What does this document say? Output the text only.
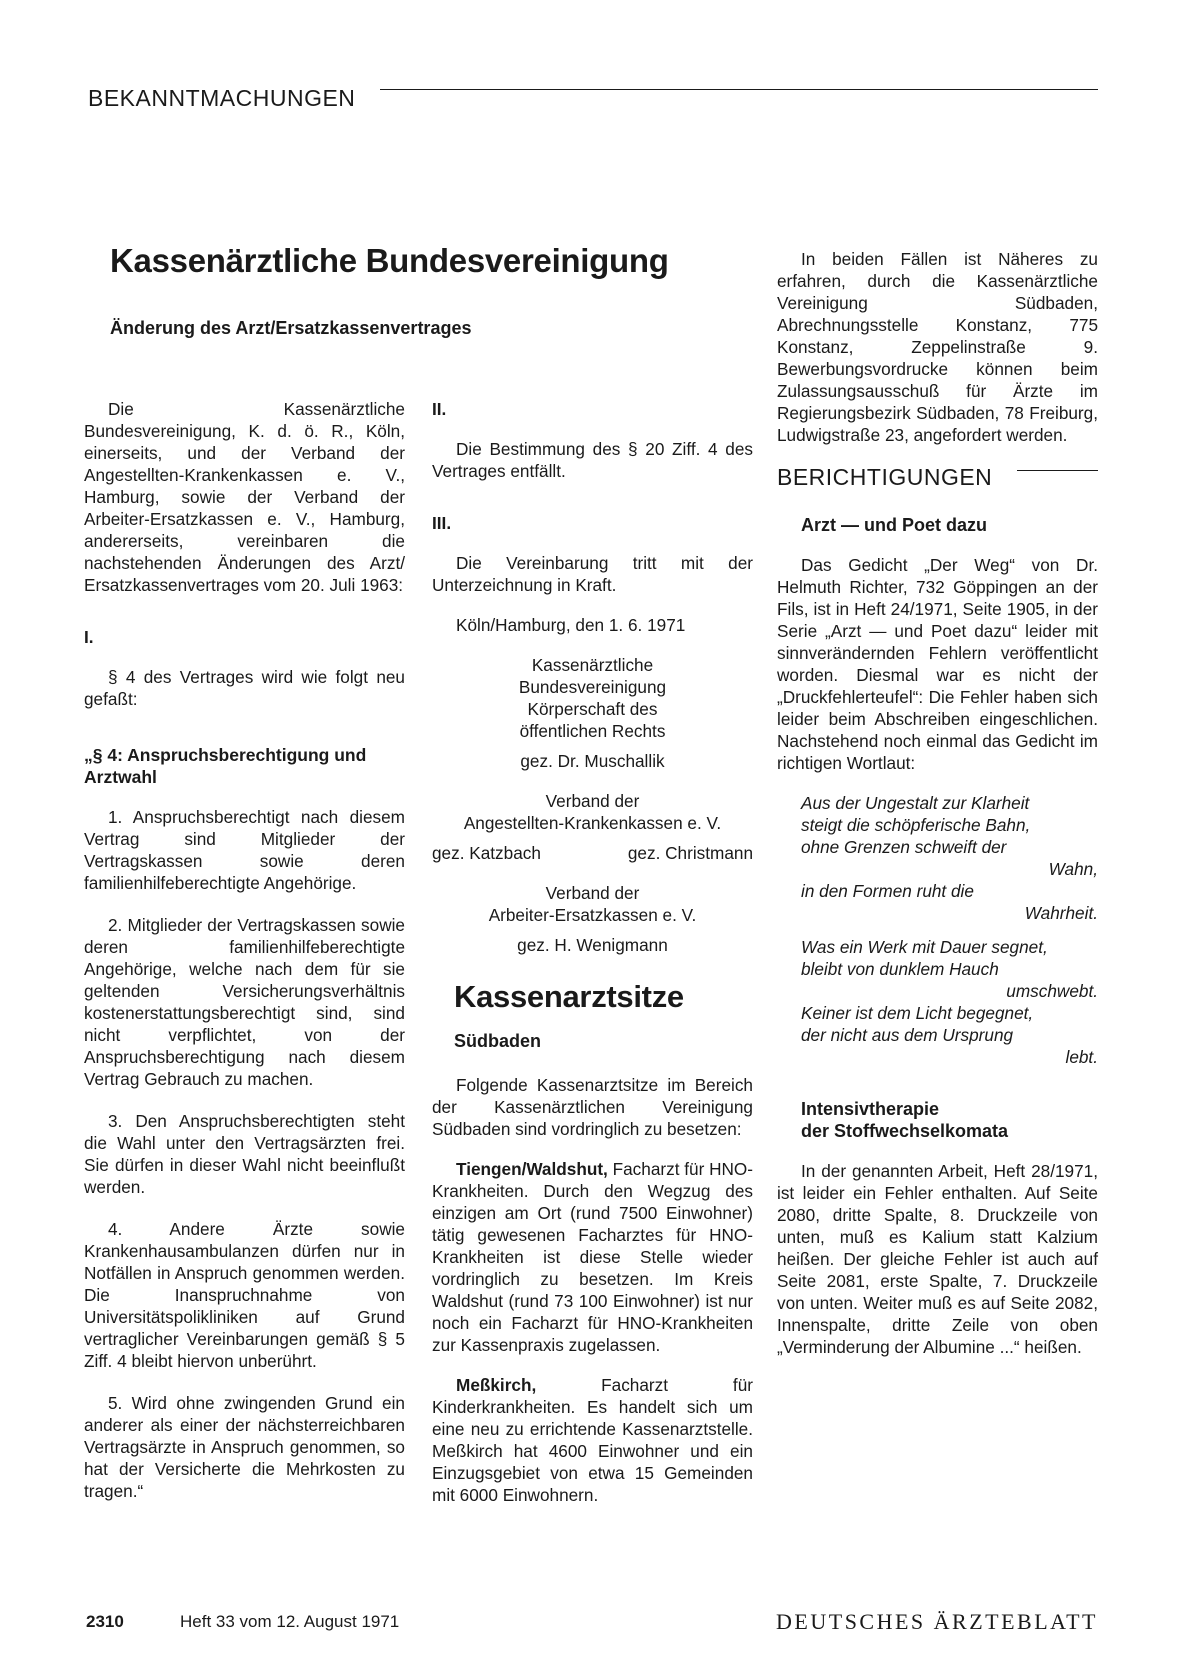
BEKANNTMACHUNGEN
Kassenärztliche Bundesvereinigung
Änderung des Arzt/Ersatzkassenvertrages

Die Kassenärztliche Bundesvereinigung, K. d. ö. R., Köln, einerseits, und der Verband der Angestellten-Krankenkassen e. V., Hamburg, sowie der Verband der Arbeiter-Ersatzkassen e. V., Hamburg, andererseits, vereinbaren die nachstehenden Änderungen des Arzt/ Ersatzkassenvertrages vom 20. Juli 1963:

I.

§ 4 des Vertrages wird wie folgt neu gefaßt:

„§ 4: Anspruchsberechtigung und Arztwahl

1. Anspruchsberechtigt nach diesem Vertrag sind Mitglieder der Vertragskassen sowie deren familienhilfeberechtigte Angehörige.

2. Mitglieder der Vertragskassen sowie deren familienhilfeberechtigte Angehörige, welche nach dem für sie geltenden Versicherungsverhältnis kostenerstattungsberechtigt sind, sind nicht verpflichtet, von der Anspruchsberechtigung nach diesem Vertrag Gebrauch zu machen.

3. Den Anspruchsberechtigten steht die Wahl unter den Vertragsärzten frei. Sie dürfen in dieser Wahl nicht beeinflußt werden.

4. Andere Ärzte sowie Krankenhausambulanzen dürfen nur in Notfällen in Anspruch genommen werden. Die Inanspruchnahme von Universitätspolikliniken auf Grund vertraglicher Vereinbarungen gemäß § 5 Ziff. 4 bleibt hiervon unberührt.

5. Wird ohne zwingenden Grund ein anderer als einer der nächsterreichbaren Vertragsärzte in Anspruch genommen, so hat der Versicherte die Mehrkosten zu tragen.“

II.

Die Bestimmung des § 20 Ziff. 4 des Vertrages entfällt.

III.

Die Vereinbarung tritt mit der Unterzeichnung in Kraft.

Köln/Hamburg, den 1. 6. 1971

Kassenärztliche

Bundesvereinigung

Körperschaft des

öffentlichen Rechts

gez. Dr. Muschallik

Verband der

Angestellten-Krankenkassen e. V.

gez. Katzbach	gez. Christmann

Verband der

Arbeiter-Ersatzkassen e. V.

gez. H. Wenigmann

Kassenarztsitze
Südbaden

Folgende Kassenarztsitze im Bereich der Kassenärztlichen Vereinigung Südbaden sind vordringlich zu besetzen:

Tiengen/Waldshut, Facharzt für HNO-Krankheiten. Durch den Wegzug des einzigen am Ort (rund 7500 Einwohner) tätig gewesenen Facharztes für HNO-Krankheiten ist diese Stelle wieder vordringlich zu besetzen. Im Kreis Waldshut (rund 73 100 Einwohner) ist nur noch ein Facharzt für HNO-Krankheiten zur Kassenpraxis zugelassen.

Meßkirch, Facharzt für Kinderkrankheiten. Es handelt sich um eine neu zu errichtende Kassenarztstelle. Meßkirch hat 4600 Einwohner und ein Einzugsgebiet von etwa 15 Gemeinden mit 6000 Einwohnern.

In beiden Fällen ist Näheres zu erfahren, durch die Kassenärztliche Vereinigung Südbaden, Abrechnungsstelle Konstanz, 775 Konstanz, Zeppelinstraße 9. Bewerbungsvordrucke können beim Zulassungsausschuß für Ärzte im Regierungsbezirk Südbaden, 78 Freiburg, Ludwigstraße 23, angefordert werden.

BERICHTIGUNGEN
Arzt — und Poet dazu

Das Gedicht „Der Weg“ von Dr. Helmuth Richter, 732 Göppingen an der Fils, ist in Heft 24/1971, Seite 1905, in der Serie „Arzt — und Poet dazu“ leider mit sinnverändernden Fehlern veröffentlicht worden. Diesmal war es nicht der „Druckfehlerteufel“: Die Fehler haben sich leider beim Abschreiben eingeschlichen. Nachstehend noch einmal das Gedicht im richtigen Wortlaut:

Aus der Ungestalt zur Klarheit
steigt die schöpferische Bahn,
ohne Grenzen schweift der
Wahn,
in den Formen ruht die
Wahrheit.
Was ein Werk mit Dauer segnet,
bleibt von dunklem Hauch
umschwebt.
Keiner ist dem Licht begegnet,
der nicht aus dem Ursprung
lebt.
Intensivtherapie
der Stoffwechselkomata

In der genannten Arbeit, Heft 28/1971, ist leider ein Fehler enthalten. Auf Seite 2080, dritte Spalte, 8. Druckzeile von unten, muß es Kalium statt Kalzium heißen. Der gleiche Fehler ist auch auf Seite 2081, erste Spalte, 7. Druckzeile von unten. Weiter muß es auf Seite 2082, Innenspalte, dritte Zeile von oben „Verminderung der Albumine ...“ heißen.

2310	Heft 33 vom 12. August 1971	DEUTSCHES ÄRZTEBLATT
